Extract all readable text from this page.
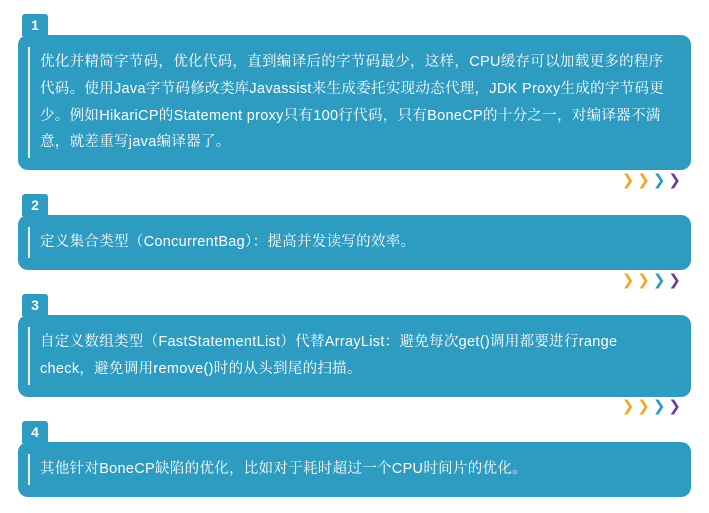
1
优化并精简字节码，优化代码，直到编译后的字节码最少，这样，CPU缓存可以加载更多的程序代码。使用Java字节码修改类库Javassist来生成委托实现动态代理，JDK Proxy生成的字节码更少。例如HikariCP的Statement proxy只有100行代码，只有BoneCP的十分之一，对编译器不满意，就差重写java编译器了。
❯ ❯ ❯ ❯
2
定义集合类型（ConcurrentBag）：提高并发读写的效率。
❯ ❯ ❯ ❯
3
自定义数组类型（FastStatementList）代替ArrayList：避免每次get()调用都要进行range check，避免调用remove()时的从头到尾的扫描。
❯ ❯ ❯ ❯
4
其他针对BoneCP缺陷的优化，比如对于耗时超过一个CPU时间片的优化。
